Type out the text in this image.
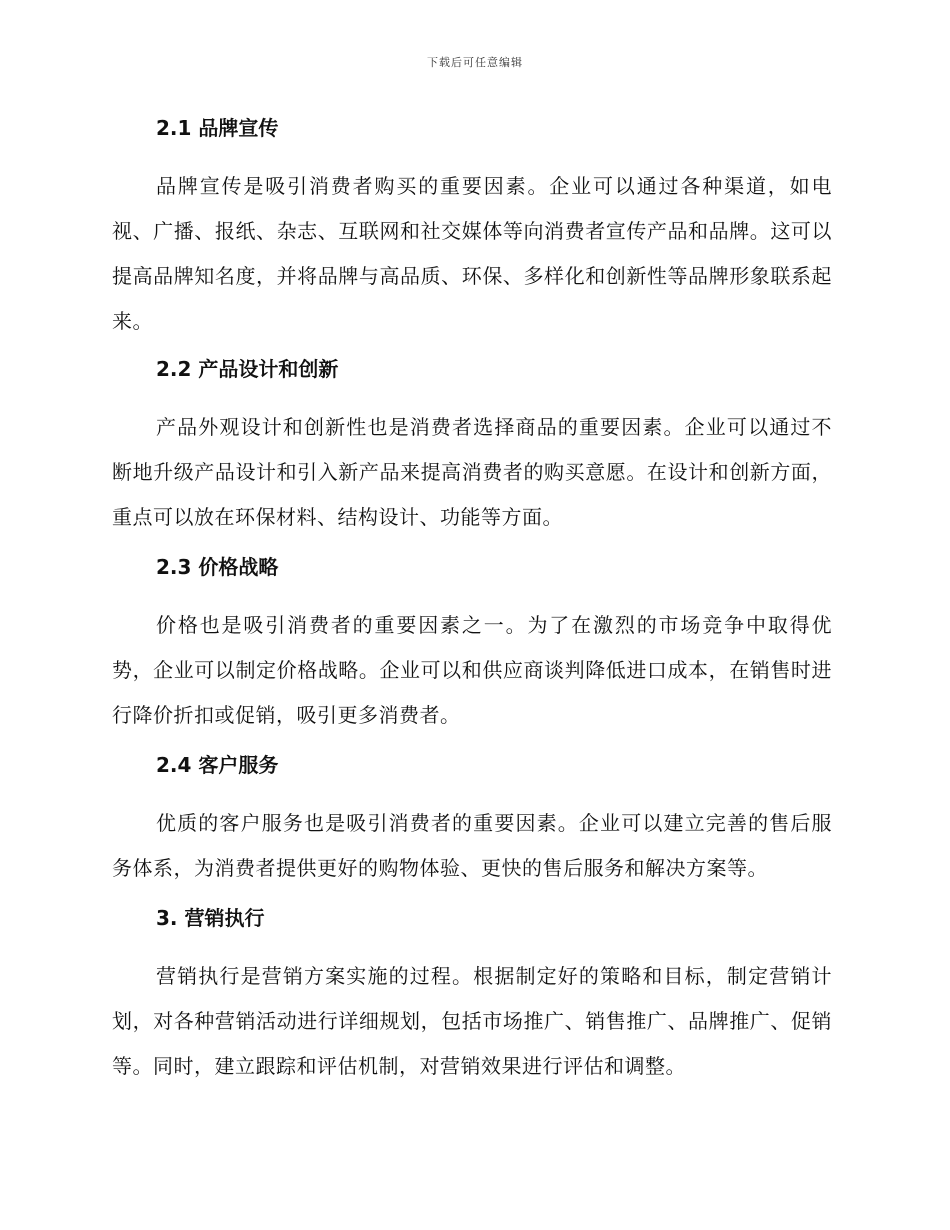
下载后可任意编辑
2.1 品牌宣传

品牌宣传是吸引消费者购买的重要因素。企业可以通过各种渠道，如电视、广播、报纸、杂志、互联网和社交媒体等向消费者宣传产品和品牌。这可以提高品牌知名度，并将品牌与高品质、环保、多样化和创新性等品牌形象联系起来。

2.2 产品设计和创新

产品外观设计和创新性也是消费者选择商品的重要因素。企业可以通过不断地升级产品设计和引入新产品来提高消费者的购买意愿。在设计和创新方面，重点可以放在环保材料、结构设计、功能等方面。

2.3 价格战略

价格也是吸引消费者的重要因素之一。为了在激烈的市场竞争中取得优势，企业可以制定价格战略。企业可以和供应商谈判降低进口成本，在销售时进行降价折扣或促销，吸引更多消费者。

2.4 客户服务

优质的客户服务也是吸引消费者的重要因素。企业可以建立完善的售后服务体系，为消费者提供更好的购物体验、更快的售后服务和解决方案等。

3. 营销执行

营销执行是营销方案实施的过程。根据制定好的策略和目标，制定营销计划，对各种营销活动进行详细规划，包括市场推广、销售推广、品牌推广、促销等。同时，建立跟踪和评估机制，对营销效果进行评估和调整。
